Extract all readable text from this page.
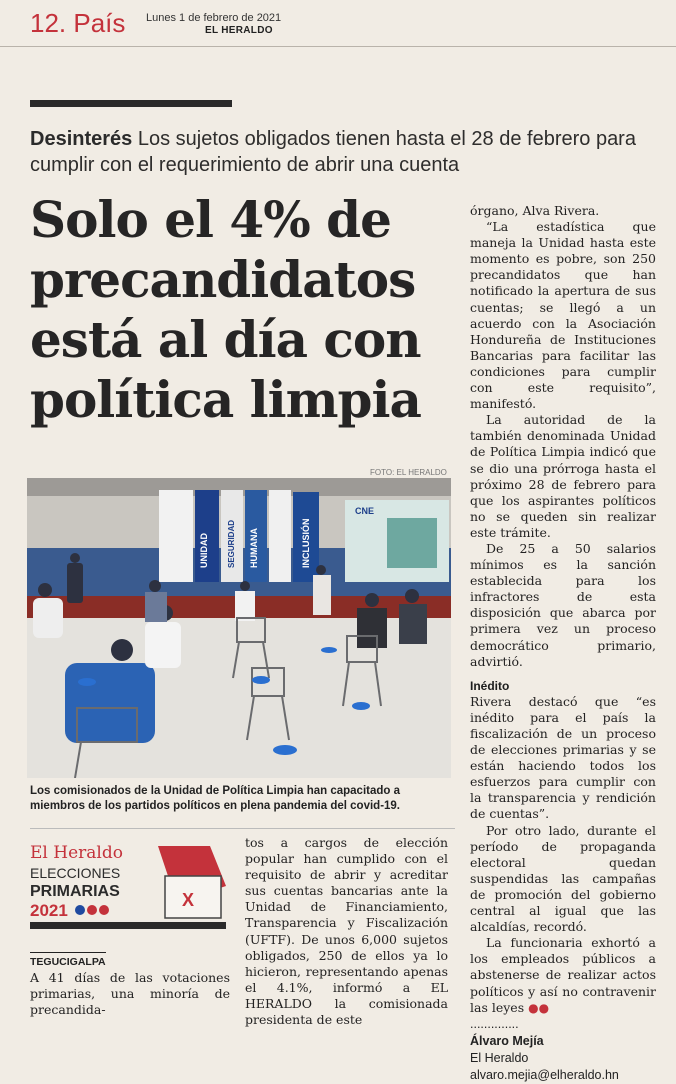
12. País Lunes 1 de febrero de 2021
EL HERALDO
Desinterés Los sujetos obligados tienen hasta el 28 de febrero para cumplir con el requerimiento de abrir una cuenta
Solo el 4% de precandidatos está al día con política limpia
FOTO: EL HERALDO
UNIDAD	HUMANA	INCLUSIÓN
SEGURIDAD
CNE
Los comisionados de la Unidad de Política Limpia han capacitado a miembros de los partidos políticos en plena pandemia del covid-19.
El Heraldo
ELECCIONES
PRIMARIAS
2021
X

TEGUCIGALPA

A 41 días de las votaciones primarias, una minoría de precandida-

tos a cargos de elección popular han cumplido con el requisito de abrir y acreditar sus cuentas bancarias ante la Unidad de Financiamiento, Transparencia y Fiscalización (UFTF). De unos 6,000 sujetos obligados, 250 de ellos ya lo hicieron, representando apenas el 4.1%, informó a EL HERALDO la comisionada presidenta de este

órgano, Alva Rivera.

“La estadística que maneja la Unidad hasta este momento es pobre, son 250 precandidatos que han notificado la apertura de sus cuentas; se llegó a un acuerdo con la Asociación Hondureña de Instituciones Bancarias para facilitar las condiciones para cumplir con este requisito”, manifestó.

La autoridad de la también denominada Unidad de Política Limpia indicó que se dio una prórroga hasta el próximo 28 de febrero para que los aspirantes políticos no se queden sin realizar este trámite.

De 25 a 50 salarios mínimos es la sanción establecida para los infractores de esta disposición que abarca por primera vez un proceso democrático primario, advirtió.

Inédito

Rivera destacó que “es inédito para el país la fiscalización de un proceso de elecciones primarias y se están haciendo todos los esfuerzos para cumplir con la transparencia y rendición de cuentas”.

Por otro lado, durante el período de propaganda electoral quedan suspendidas las campañas de promoción del gobierno central al igual que las alcaldías, recordó.

La funcionaria exhortó a los empleados públicos a abstenerse de realizar actos políticos y así no contravenir las leyes ●●

..............
Álvaro Mejía
El Heraldo
alvaro.mejia@elheraldo.hn
